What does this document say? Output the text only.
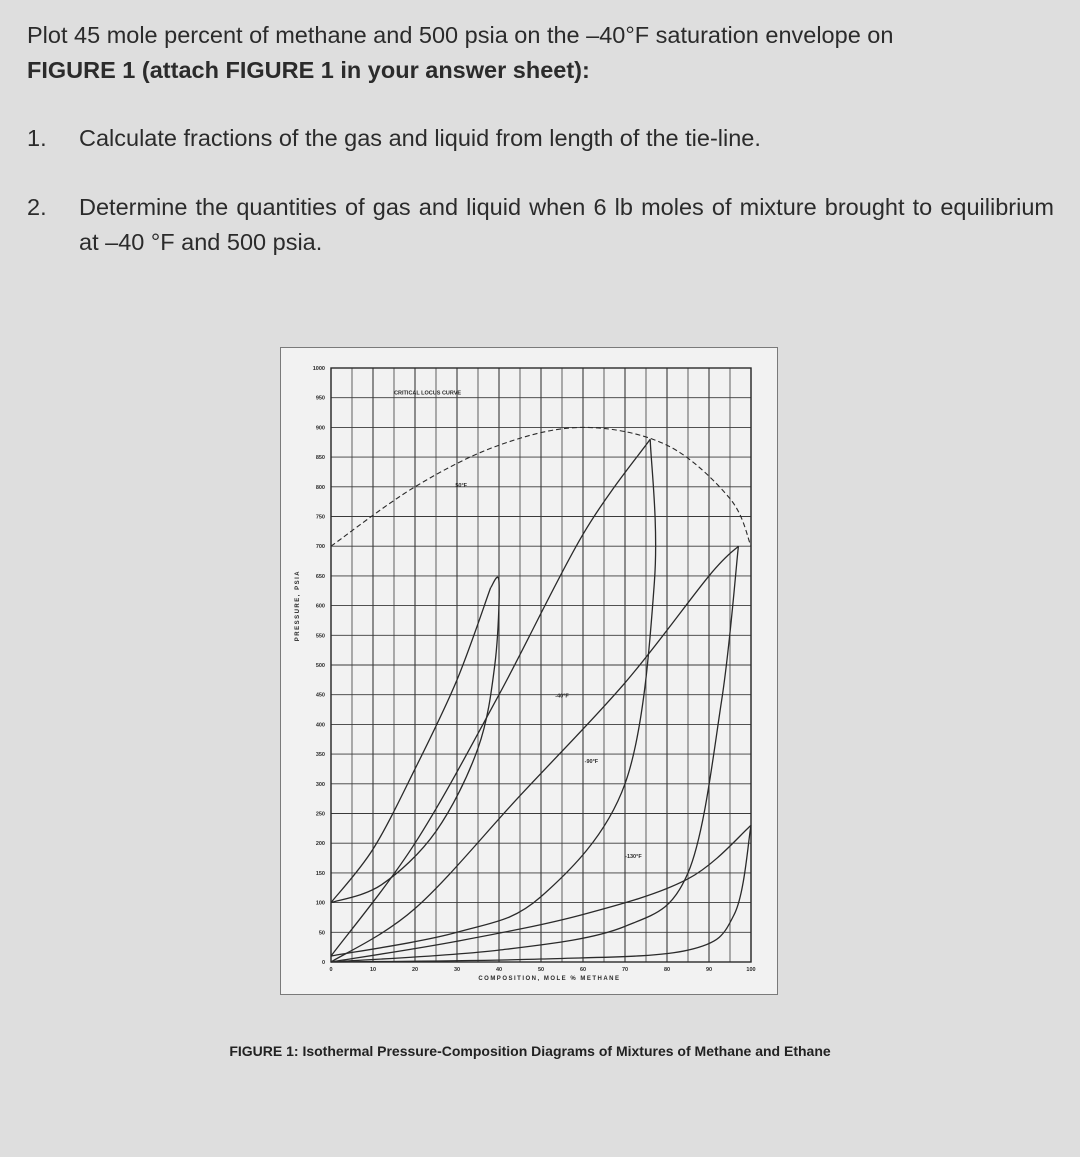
Plot 45 mole percent of methane and 500 psia on the –40°F saturation envelope on
FIGURE 1 (attach FIGURE 1 in your answer sheet):
1. Calculate fractions of the gas and liquid from length of the tie-line.
2. Determine the quantities of gas and liquid when 6 lb moles of mixture brought to equilibrium at –40 °F and 500 psia.
0
50
100
150
200
250
300
350
400
450
500
550
600
650
700
750
800
850
900
950
1000
0	10	20	30	40	50	60	70	80	90	100
COMPOSITION, MOLE % METHANE
PRESSURE, PSIA
CRITICAL LOCUS CURVE
50°F
-40°F
-90°F
-130°F
FIGURE 1: Isothermal Pressure-Composition Diagrams of Mixtures of Methane and Ethane
